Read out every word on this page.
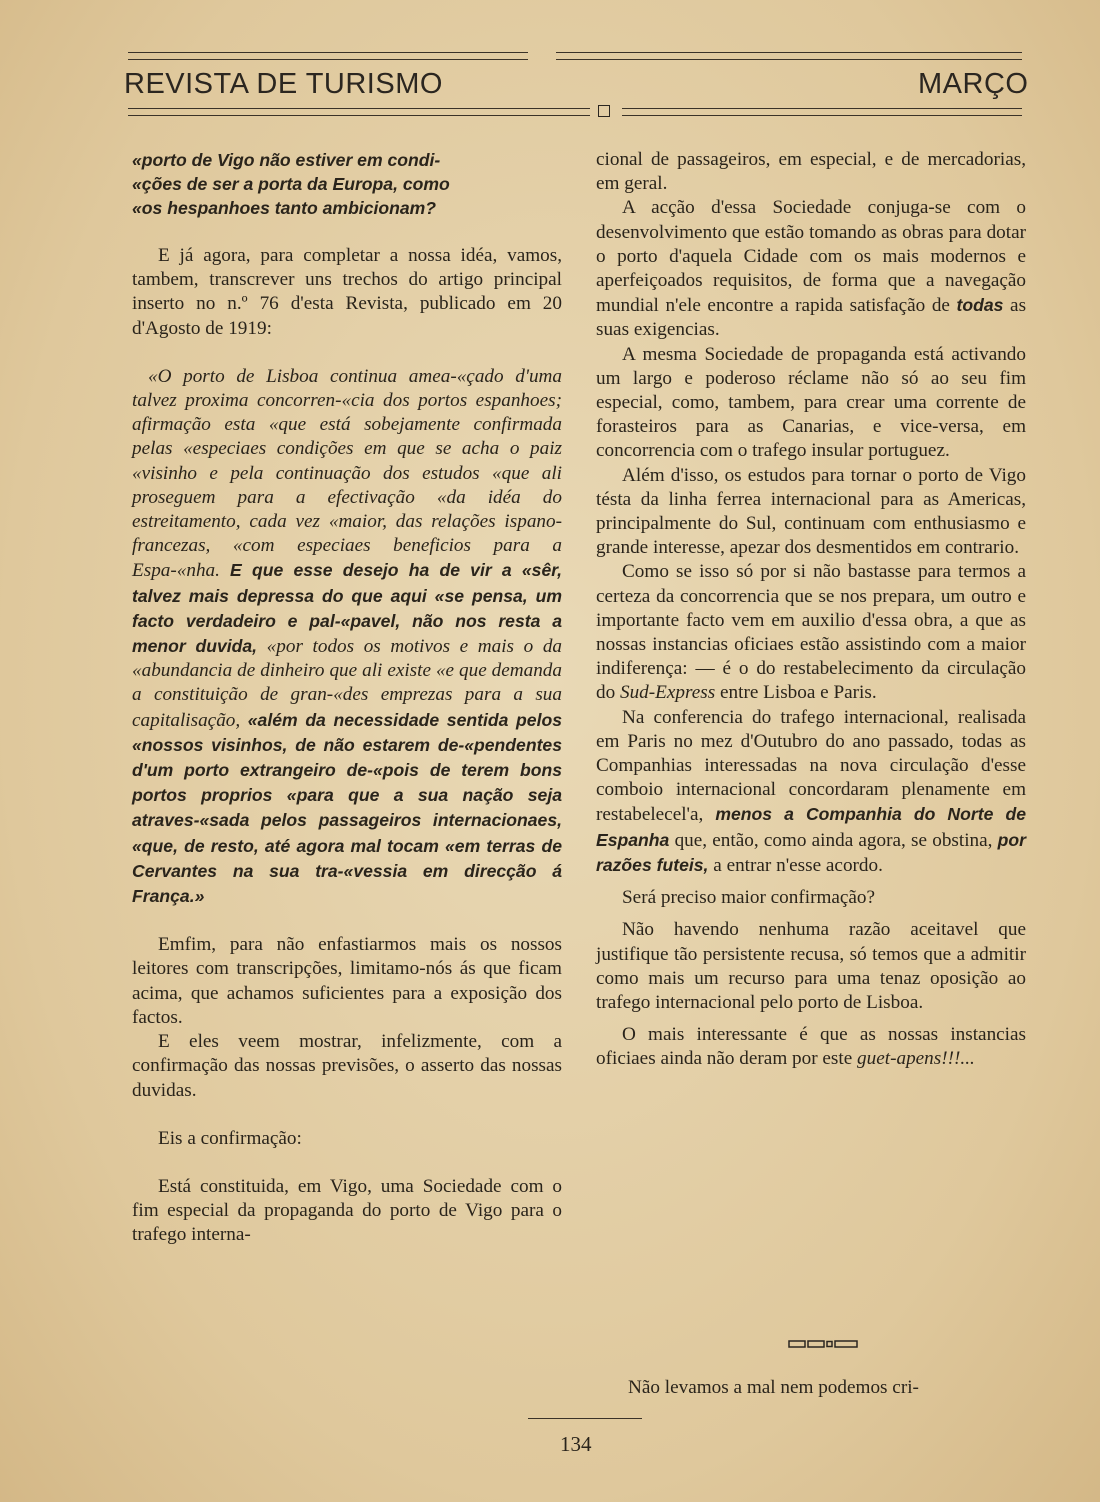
REVISTA DE TURISMO	MARÇO
«porto de Vigo não estiver em condi-
«ções de ser a porta da Europa, como
«os hespanhoes tanto ambicionam?

E já agora, para completar a nossa idéa, vamos, tambem, transcrever uns trechos do artigo principal inserto no n.º 76 d'esta Revista, publicado em 20 d'Agosto de 1919:

«O porto de Lisboa continua amea-«çado d'uma talvez proxima concorren-«cia dos portos espanhoes; afirmação esta «que está sobejamente confirmada pelas «especiaes condições em que se acha o paiz «visinho e pela continuação dos estudos «que ali proseguem para a efectivação «da idéa do estreitamento, cada vez «maior, das relações ispano-francezas, «com especiaes beneficios para a Espa-«nha. E que esse desejo ha de vir a «sêr, talvez mais depressa do que aqui «se pensa, um facto verdadeiro e pal-«pavel, não nos resta a menor duvida, «por todos os motivos e mais o da «abundancia de dinheiro que ali existe «e que demanda a constituição de gran-«des emprezas para a sua capitalisação, «além da necessidade sentida pelos «nossos visinhos, de não estarem de-«pendentes d'um porto extrangeiro de-«pois de terem bons portos proprios «para que a sua nação seja atraves-«sada pelos passageiros internacionaes, «que, de resto, até agora mal tocam «em terras de Cervantes na sua tra-«vessia em direcção á França.»

Emfim, para não enfastiarmos mais os nossos leitores com transcripções, limitamo-nós ás que ficam acima, que achamos suficientes para a exposição dos factos.

E eles veem mostrar, infelizmente, com a confirmação das nossas previsões, o asserto das nossas duvidas.

Eis a confirmação:

Está constituida, em Vigo, uma Sociedade com o fim especial da propaganda do porto de Vigo para o trafego interna-

cional de passageiros, em especial, e de mercadorias, em geral.

A acção d'essa Sociedade conjuga-se com o desenvolvimento que estão tomando as obras para dotar o porto d'aquela Cidade com os mais modernos e aperfeiçoados requisitos, de forma que a navegação mundial n'ele encontre a rapida satisfação de todas as suas exigencias.

A mesma Sociedade de propaganda está activando um largo e poderoso réclame não só ao seu fim especial, como, tambem, para crear uma corrente de forasteiros para as Canarias, e vice-versa, em concorrencia com o trafego insular portuguez.

Além d'isso, os estudos para tornar o porto de Vigo tésta da linha ferrea internacional para as Americas, principalmente do Sul, continuam com enthusiasmo e grande interesse, apezar dos desmentidos em contrario.

Como se isso só por si não bastasse para termos a certeza da concorrencia que se nos prepara, um outro e importante facto vem em auxilio d'essa obra, a que as nossas instancias oficiaes estão assistindo com a maior indiferença: — é o do restabelecimento da circulação do Sud-Express entre Lisboa e Paris.

Na conferencia do trafego internacional, realisada em Paris no mez d'Outubro do ano passado, todas as Companhias interessadas na nova circulação d'esse comboio internacional concordaram plenamente em restabelecel'a, menos a Companhia do Norte de Espanha que, então, como ainda agora, se obstina, por razões futeis, a entrar n'esse acordo.

Será preciso maior confirmação?

Não havendo nenhuma razão aceitavel que justifique tão persistente recusa, só temos que a admitir como mais um recurso para uma tenaz oposição ao trafego internacional pelo porto de Lisboa.

O mais interessante é que as nossas instancias oficiaes ainda não deram por este guet-apens!!!...

Não levamos a mal nem podemos cri-

134
